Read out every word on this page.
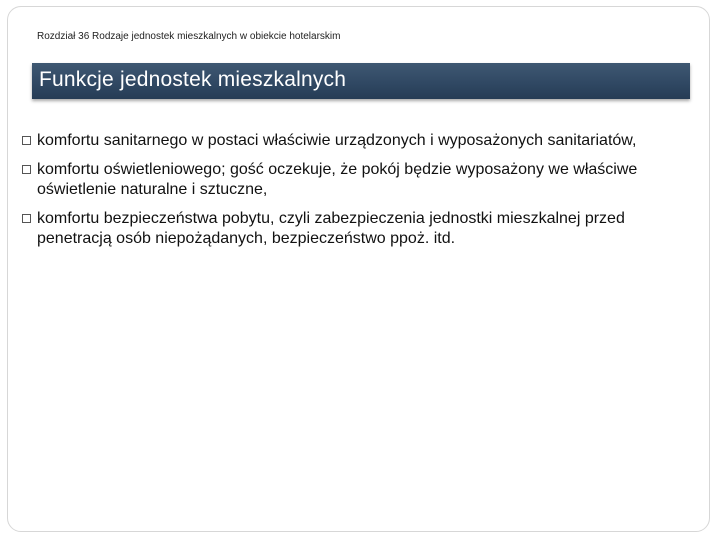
Rozdział 36 Rodzaje jednostek mieszkalnych w obiekcie hotelarskim
Funkcje jednostek mieszkalnych
komfortu sanitarnego w postaci właściwie urządzonych i wyposażonych sanitariatów,
komfortu oświetleniowego; gość oczekuje, że pokój będzie wyposażony we właściwe oświetlenie naturalne i sztuczne,
komfortu bezpieczeństwa pobytu, czyli zabezpieczenia jednostki mieszkalnej przed penetracją osób niepożądanych, bezpieczeństwo ppoż. itd.
